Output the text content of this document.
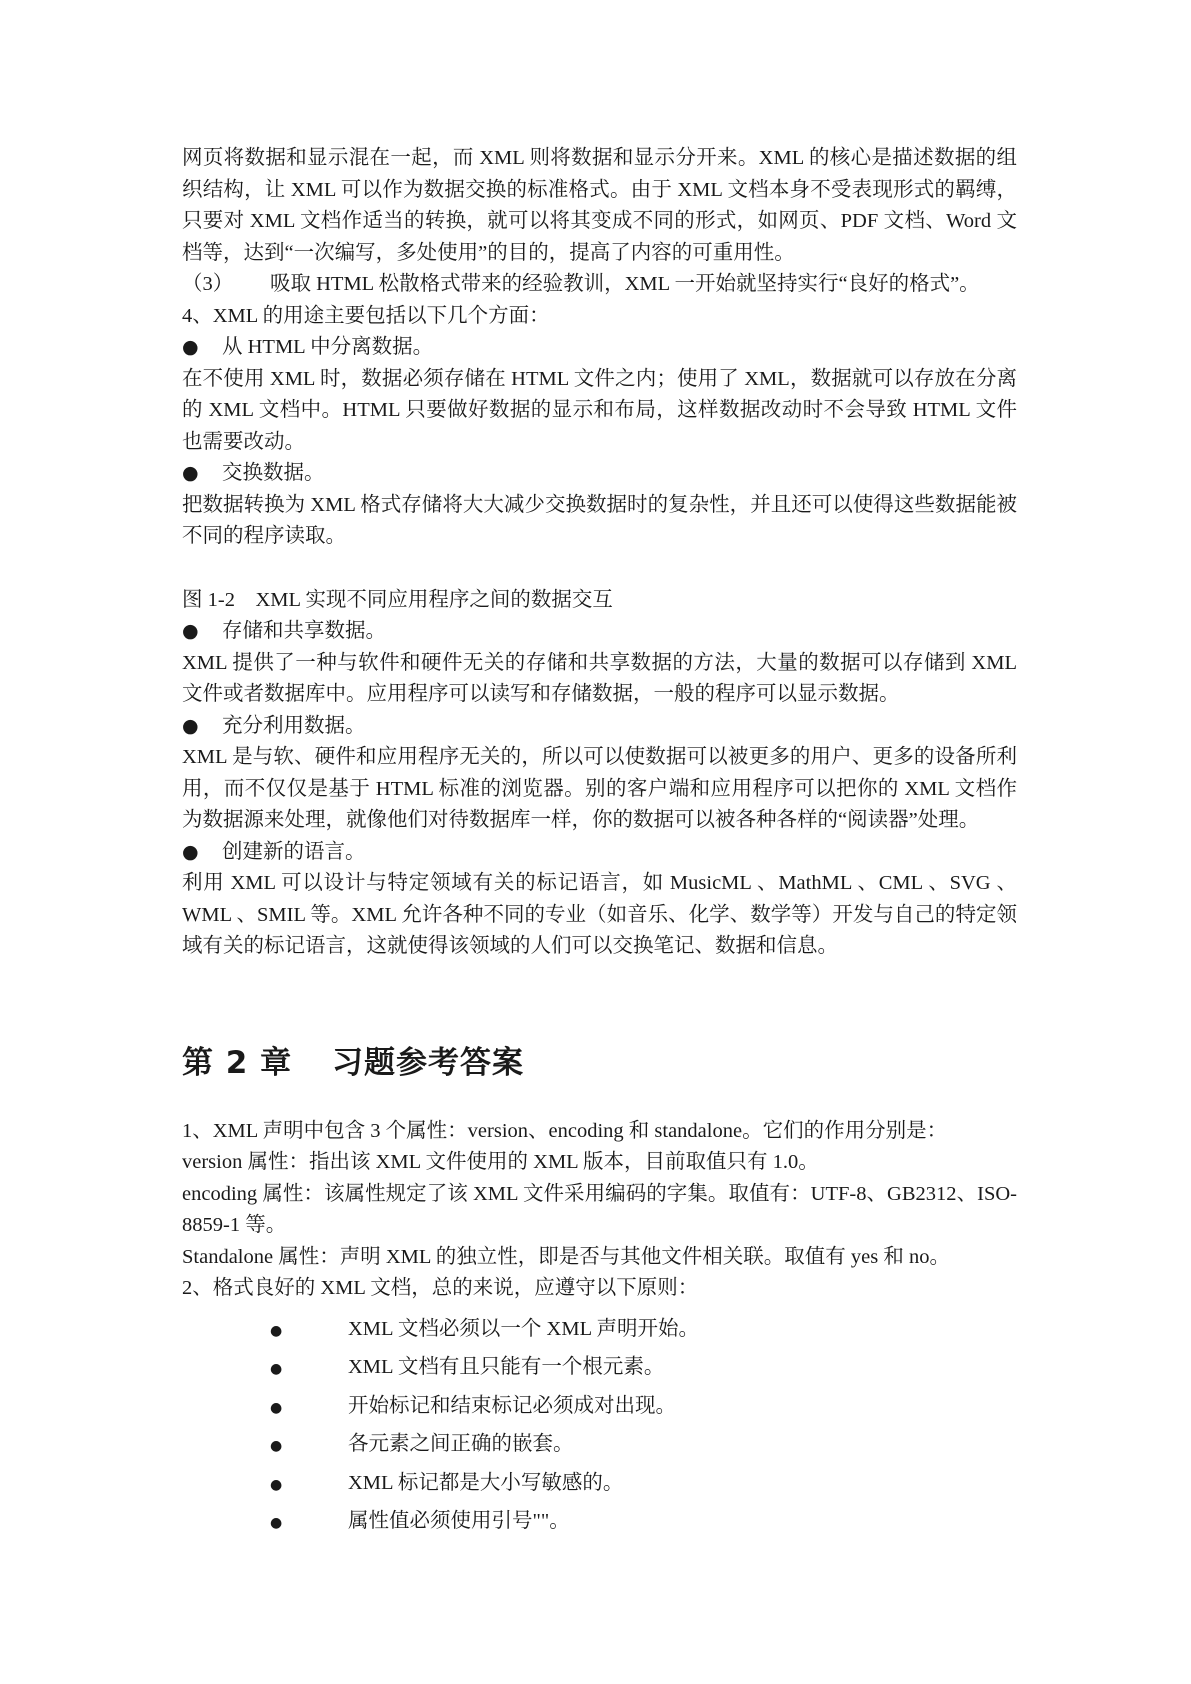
网页将数据和显示混在一起，而 XML 则将数据和显示分开来。XML 的核心是描述数据的组织结构，让 XML 可以作为数据交换的标准格式。由于 XML 文档本身不受表现形式的羁缚，只要对 XML 文档作适当的转换，就可以将其变成不同的形式，如网页、PDF 文档、Word 文档等，达到“一次编写，多处使用”的目的，提高了内容的可重用性。

（3）	吸取 HTML 松散格式带来的经验教训，XML 一开始就坚持实行“良好的格式”。

4、XML 的用途主要包括以下几个方面：

●	从 HTML 中分离数据。

在不使用 XML 时，数据必须存储在 HTML 文件之内；使用了 XML，数据就可以存放在分离的 XML 文档中。HTML 只要做好数据的显示和布局，这样数据改动时不会导致 HTML 文件也需要改动。

●	交换数据。

把数据转换为 XML 格式存储将大大减少交换数据时的复杂性，并且还可以使得这些数据能被不同的程序读取。

图 1-2　XML 实现不同应用程序之间的数据交互

●	存储和共享数据。

XML 提供了一种与软件和硬件无关的存储和共享数据的方法，大量的数据可以存储到 XML 文件或者数据库中。应用程序可以读写和存储数据，一般的程序可以显示数据。

●	充分利用数据。

XML 是与软、硬件和应用程序无关的，所以可以使数据可以被更多的用户、更多的设备所利用，而不仅仅是基于 HTML 标准的浏览器。别的客户端和应用程序可以把你的 XML 文档作为数据源来处理，就像他们对待数据库一样，你的数据可以被各种各样的“阅读器”处理。

●	创建新的语言。

利用 XML 可以设计与特定领域有关的标记语言，如 MusicML 、MathML 、CML 、SVG 、WML 、SMIL 等。XML 允许各种不同的专业（如音乐、化学、数学等）开发与自己的特定领域有关的标记语言，这就使得该领域的人们可以交换笔记、数据和信息。

第 2 章 习题参考答案

1、XML 声明中包含 3 个属性：version、encoding 和 standalone。它们的作用分别是：

version 属性：指出该 XML 文件使用的 XML 版本，目前取值只有 1.0。

encoding 属性：该属性规定了该 XML 文件采用编码的字集。取值有：UTF-8、GB2312、ISO-8859-1 等。

Standalone 属性：声明 XML 的独立性，即是否与其他文件相关联。取值有 yes 和 no。

2、格式良好的 XML 文档，总的来说，应遵守以下原则：

●	XML 文档必须以一个 XML 声明开始。
●	XML 文档有且只能有一个根元素。
●	开始标记和结束标记必须成对出现。
●	各元素之间正确的嵌套。
●	XML 标记都是大小写敏感的。
●	属性值必须使用引号""。
